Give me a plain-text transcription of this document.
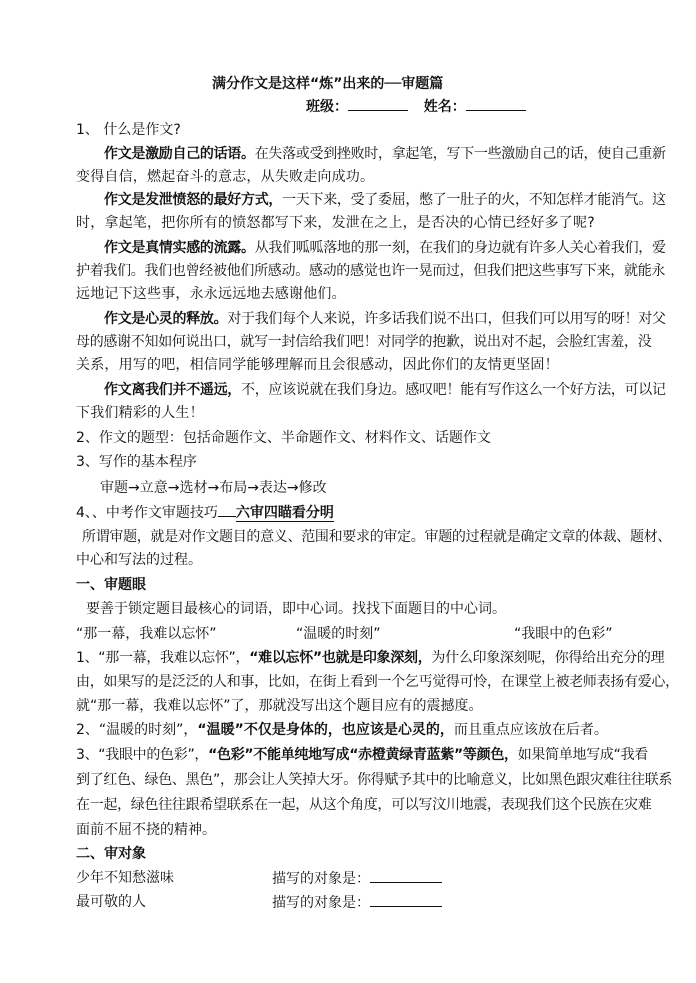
满分作文是这样“炼”出来的──审题篇
班级：	姓名：
1、 什么是作文?
作文是激励自己的话语。在失落或受到挫败时，拿起笔，写下一些激励自己的话，使自己重新
变得自信，燃起奋斗的意志，从失败走向成功。
作文是发泄愤怒的最好方式，一天下来，受了委屈，憋了一肚子的火，不知怎样才能消气。这
时，拿起笔，把你所有的愤怒都写下来，发泄在之上，是否决的心情已经好多了呢?
作文是真情实感的流露。从我们呱呱落地的那一刻，在我们的身边就有许多人关心着我们，爱
护着我们。我们也曾经被他们所感动。感动的感觉也许一晃而过，但我们把这些事写下来，就能永
远地记下这些事，永永远远地去感谢他们。
作文是心灵的释放。对于我们每个人来说，许多话我们说不出口，但我们可以用写的呀！对父
母的感谢不知如何说出口，就写一封信给我们吧！对同学的抱歉，说出对不起，会脸红害羞，没
关系，用写的吧，相信同学能够理解而且会很感动，因此你们的友情更坚固！
作文离我们并不遥远，不，应该说就在我们身边。感叹吧！能有写作这么一个好方法，可以记
下我们精彩的人生！
2、作文的题型：包括命题作文、半命题作文、材料作文、话题作文
3、写作的基本程序
审题→立意→选材→布局→表达→修改
4、、中考作文审题技巧 六审四瞄看分明
所谓审题，就是对作文题目的意义、范围和要求的审定。审题的过程就是确定文章的体裁、题材、
中心和写法的过程。
一、审题眼
要善于锁定题目最核心的词语，即中心词。找找下面题目的中心词。
“那一幕，我难以忘怀”	“温暖的时刻”	“我眼中的色彩”
1、“那一幕，我难以忘怀”，“难以忘怀”也就是印象深刻，为什么印象深刻呢，你得给出充分的理
由，如果写的是泛泛的人和事，比如，在街上看到一个乞丐觉得可怜，在课堂上被老师表扬有爱心，
就“那一幕，我难以忘怀”了，那就没写出这个题目应有的震撼度。
2、“温暖的时刻”，“温暖”不仅是身体的，也应该是心灵的，而且重点应该放在后者。
3、“我眼中的色彩”，“色彩”不能单纯地写成“赤橙黄绿青蓝紫”等颜色，如果简单地写成“我看
到了红色、绿色、黑色”，那会让人笑掉大牙。你得赋予其中的比喻意义，比如黑色跟灾难往往联系
在一起，绿色往往跟希望联系在一起，从这个角度，可以写汶川地震，表现我们这个民族在灾难
面前不屈不挠的精神。
二、审对象
少年不知愁滋味	描写的对象是：
最可敬的人	描写的对象是：
